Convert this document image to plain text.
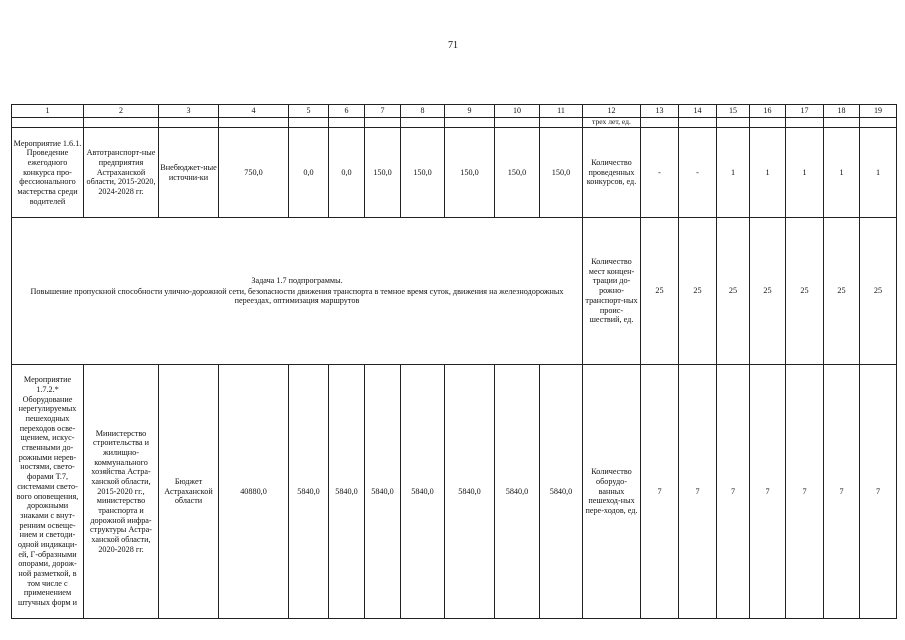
71
1	2	3	4	5	6	7	8	9	10	11	12	13	14	15	16	17	18	19
											трех лет, ед.							
Мероприятие 1.6.1. Проведение ежегодного конкурса про-фессионального мастерства среди водителей	Автотранспорт-ные предприятия Астраханской области, 2015-2020, 2024-2028 гг.	Внебюджет-ные источни-ки	750,0	0,0	0,0	150,0	150,0	150,0	150,0	150,0	Количество проведенных конкурсов, ед.	-	-	1	1	1	1	1

Задача 1.7 подпрограммы.
Повышение пропускной способности улично-дорожной сети, безопасности движения транспорта в темное время суток, движения на железнодорожных переездах, оптимизация маршрутов											Количество мест концен-трации до-рожно-транспорт-ных проис-шествий, ед.	25	25	25	25	25	25	25
Мероприятие 1.7.2.* Оборудование нерегулируемых пешеходных переходов осве-щением, искус-ственными до-рожными нерев-ностями, свето-форами Т.7, системами свето-вого оповещения, дорожными знаками с внут-ренним освеще-нием и светоди-одной индикаци-ей, Г-образными опорами, дорож-ной разметкой, в том числе с применением штучных форм и	Министерство строительства и жилищно-коммунального хозяйства Астра-ханской области, 2015-2020 гг., министерство транспорта и дорожной инфра-структуры Астра-ханской области, 2020-2028 гг.	Бюджет Астраханской области	40880,0	5840,0	5840,0	5840,0	5840,0	5840,0	5840,0	5840,0	Количество оборудо-ванных пешеход-ных пере-ходов, ед.	7	7	7	7	7	7	7
